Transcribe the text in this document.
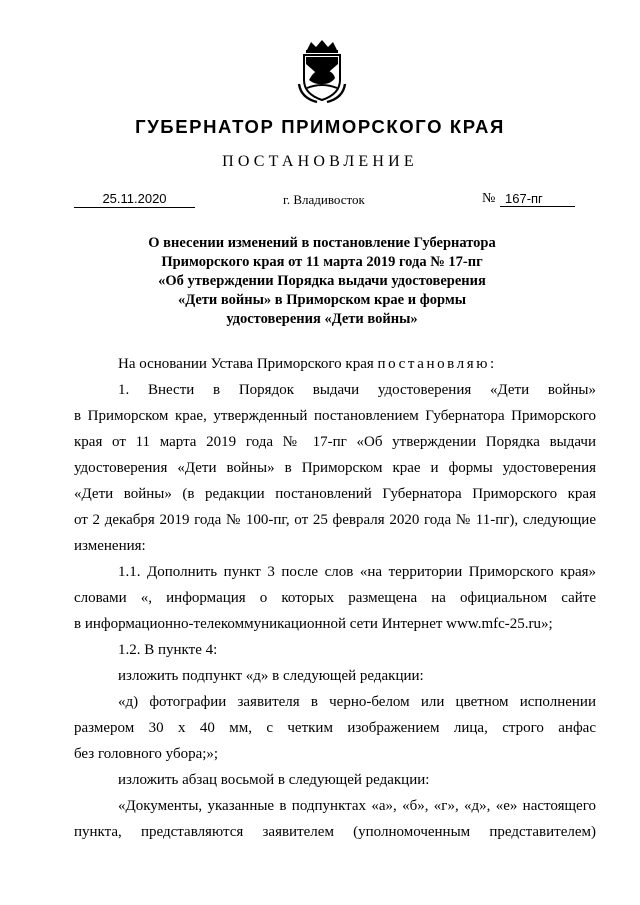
ГУБЕРНАТОР ПРИМОРСКОГО КРАЯ
ПОСТАНОВЛЕНИЕ
25.11.2020	г. Владивосток	№ 167-пг
О внесении изменений в постановление Губернатора
Приморского края от 11 марта 2019 года № 17-пг
«Об утверждении Порядка выдачи удостоверения
«Дети войны» в Приморском крае и формы
удостоверения «Дети войны»
На основании Устава Приморского края постановляю:
1. Внести в Порядок выдачи удостоверения «Дети войны»
в Приморском крае, утвержденный постановлением Губернатора Приморского
края от 11 марта 2019 года № 17-пг «Об утверждении Порядка выдачи
удостоверения «Дети войны» в Приморском крае и формы удостоверения
«Дети войны» (в редакции постановлений Губернатора Приморского края
от 2 декабря 2019 года № 100-пг, от 25 февраля 2020 года № 11-пг), следующие
изменения:
1.1. Дополнить пункт 3 после слов «на территории Приморского края»
словами «, информация о которых размещена на официальном сайте
в информационно-телекоммуникационной сети Интернет www.mfc-25.ru»;
1.2. В пункте 4:
изложить подпункт «д» в следующей редакции:
«д) фотографии заявителя в черно-белом или цветном исполнении
размером 30 x 40 мм, с четким изображением лица, строго анфас
без головного убора;»;
изложить абзац восьмой в следующей редакции:
«Документы, указанные в подпунктах «а», «б», «г», «д», «е» настоящего
пункта, представляются заявителем (уполномоченным представителем)
